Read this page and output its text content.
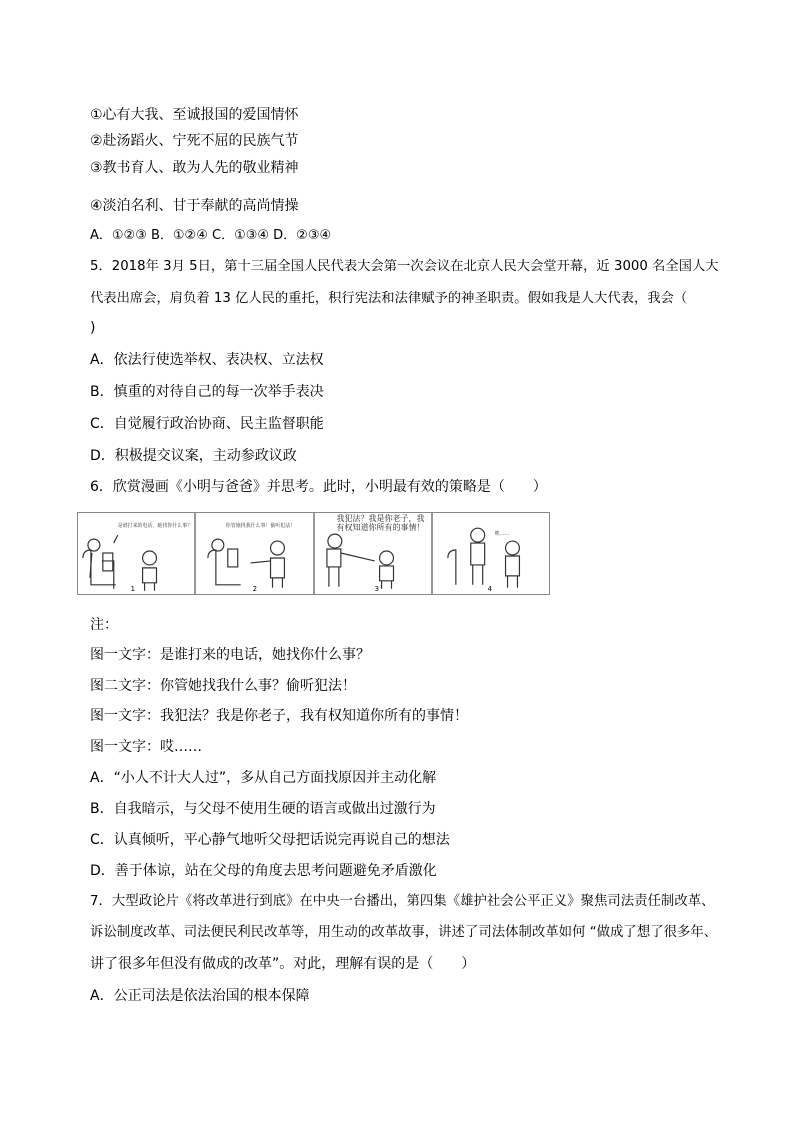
①心有大我、至诚报国的爱国情怀
②赴汤蹈火、宁死不屈的民族气节
③教书育人、敢为人先的敬业精神
④淡泊名利、甘于奉献的高尚情操
A．①②③ B．①②④ C．①③④ D．②③④
5．2018年 3月 5日，第十三届全国人民代表大会第一次会议在北京人民大会堂开幕，近 3000 名全国人大
代表出席会，肩负着 13 亿人民的重托，积行宪法和法律赋予的神圣职责。假如我是人大代表，我会（
)
A．依法行使选举权、表决权、立法权
B．慎重的对待自己的每一次举手表决
C．自觉履行政治协商、民主监督职能
D．积极提交议案，主动参政议政
6．欣赏漫画《小明与爸爸》并思考。此时，小明最有效的策略是（　　）
是谁打来的电话，她找你什么事？
1
你管她找我什么事！偷听犯法！
2	3
我犯法？我是你老子，我有权知道你所有的事情！
唉……
4
注：
图一文字：是谁打来的电话，她找你什么事？
图二文字：你管她找我什么事？偷听犯法！
图一文字：我犯法？我是你老子，我有权知道你所有的事情！
图一文字：哎……
A．“小人不计大人过”，多从自己方面找原因并主动化解
B．自我暗示，与父母不使用生硬的语言或做出过激行为
C．认真倾听，平心静气地听父母把话说完再说自己的想法
D．善于体谅，站在父母的角度去思考问题避免矛盾激化
7．大型政论片《将改革进行到底》在中央一台播出，第四集《雄护社会公平正义》聚焦司法责任制改革、
诉讼制度改革、司法便民利民改革等，用生动的改革故事，讲述了司法体制改革如何 “做成了想了很多年、
讲了很多年但没有做成的改革”。对此，理解有误的是（　　）
A．公正司法是依法治国的根本保障
